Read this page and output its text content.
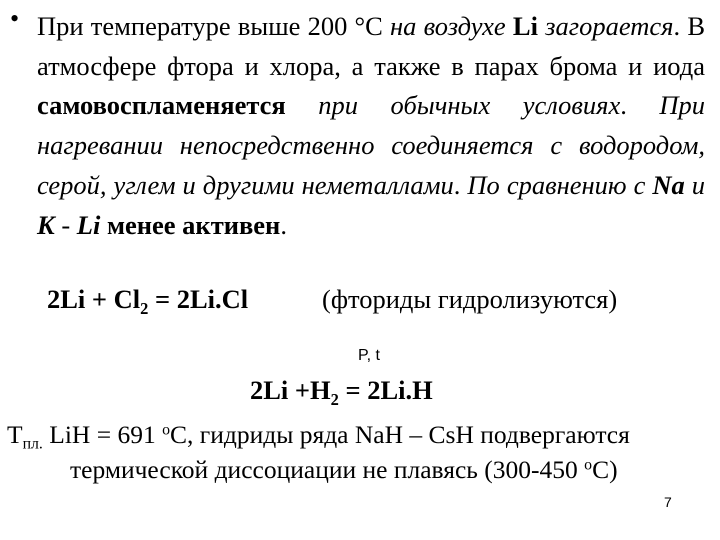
• При температуре выше 200 °С на воздухе Li загорается. В атмосфере фтора и хлора, а также в парах брома и иода самовоспламеняется при обычных условиях. При нагревании непосредственно соединяется с водородом, серой, углем и другими неметаллами. По сравнению с Na и K - Li менее активен.
$2Li + Cl_2 = 2Li.Cl$	(фториды гидролизуются)
P, t
$2Li +H_2 = 2Li.H$
$T_{пл.}$ LiH = 691 $^o$C, гидриды ряда NaH – CsH подвергаются
термической диссоциации не плавясь (300-450 $^o$C)
7
